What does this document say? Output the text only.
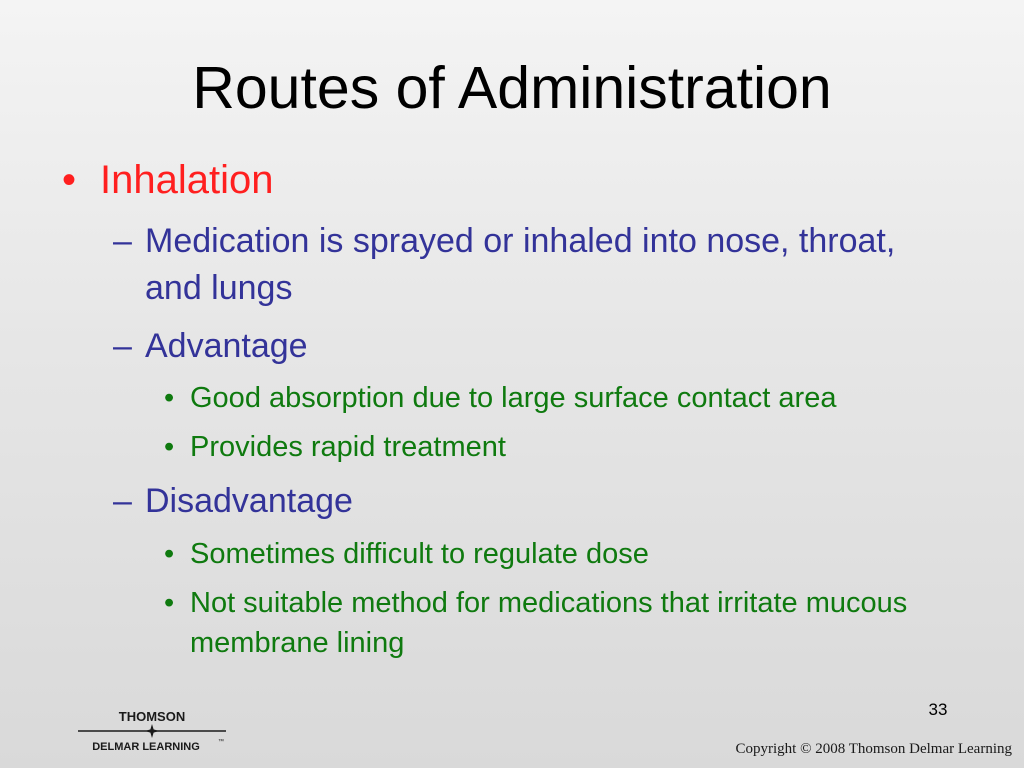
Routes of Administration
• Inhalation
– Medication is sprayed or inhaled into nose, throat, and lungs
– Advantage
• Good absorption due to large surface contact area
• Provides rapid treatment
– Disadvantage
• Sometimes difficult to regulate dose
• Not suitable method for medications that irritate mucous membrane lining
33
THOMSON
DELMAR LEARNING	™	Copyright © 2008 Thomson Delmar Learning
